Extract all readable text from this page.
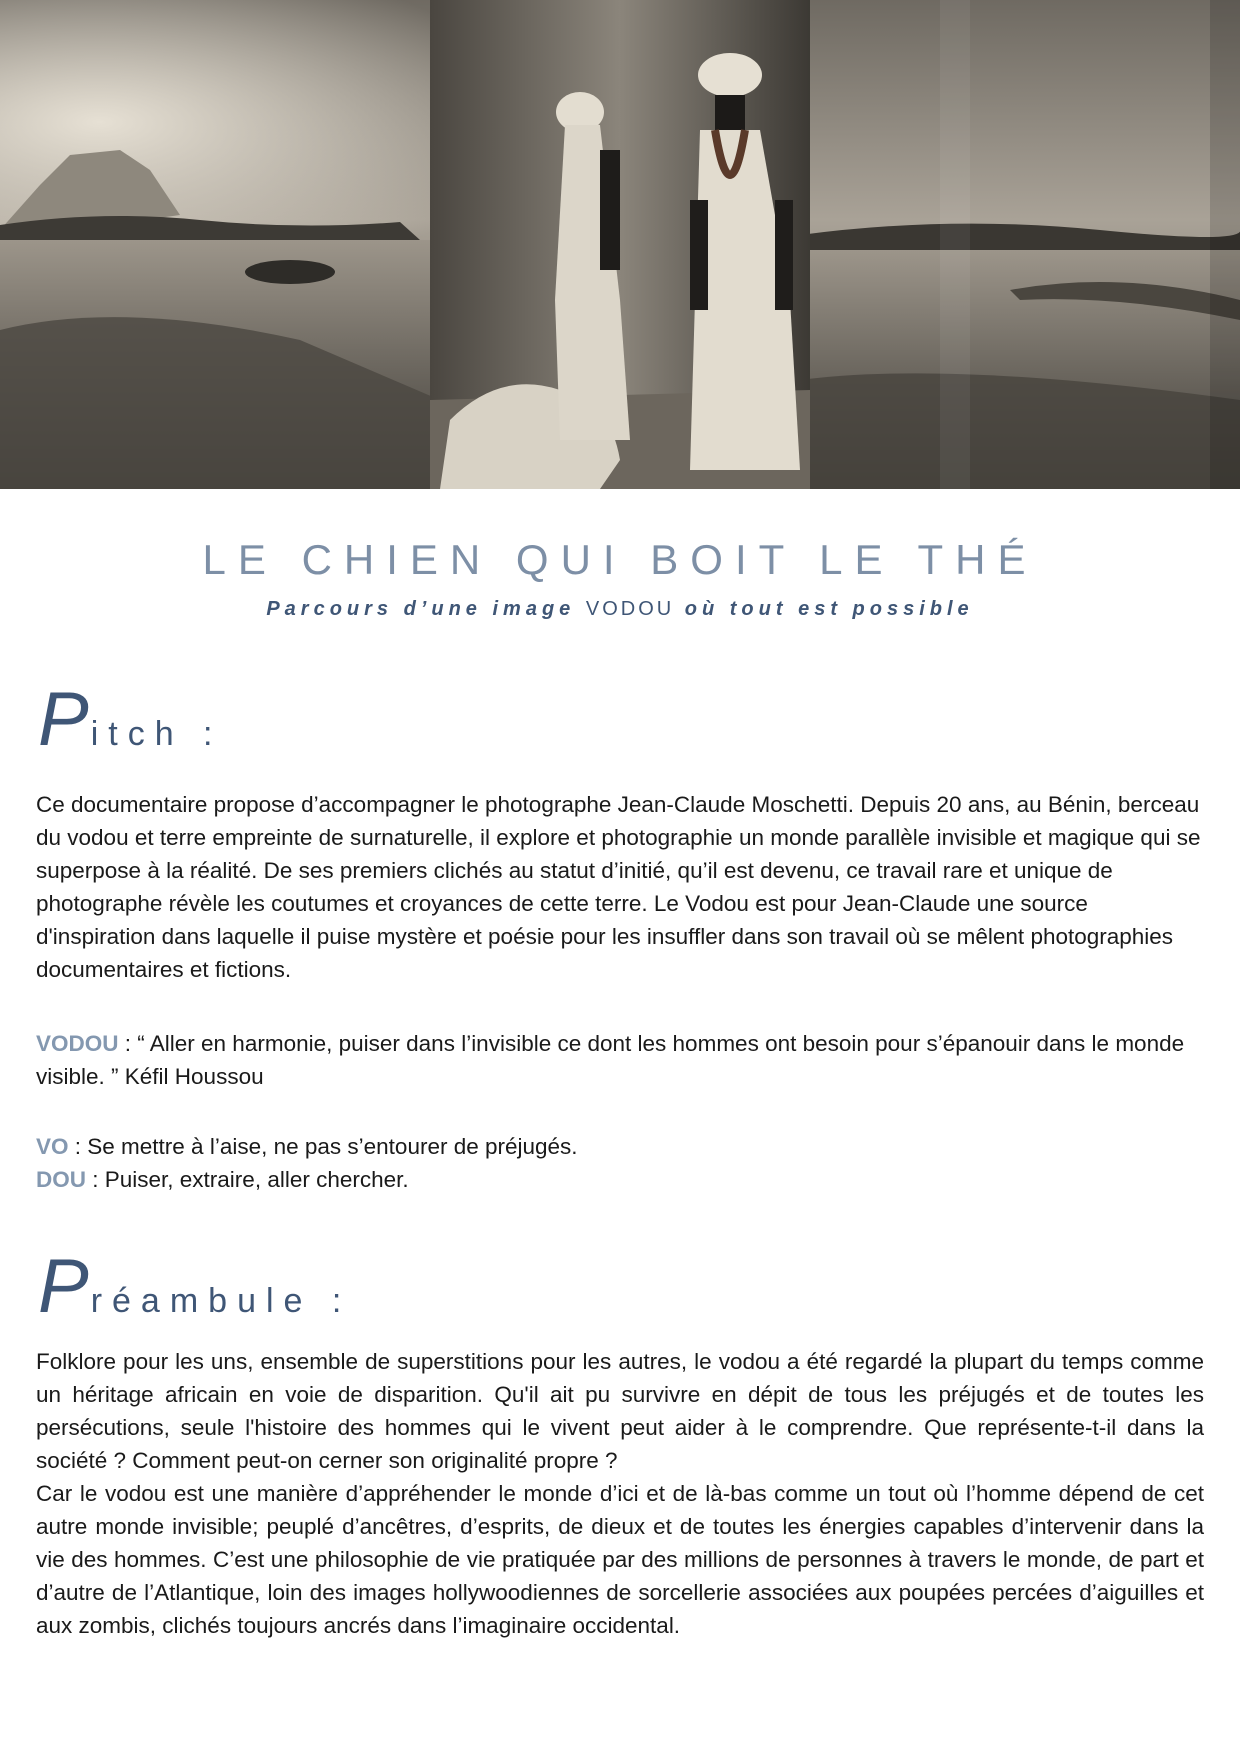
LE CHIEN QUI BOIT LE THÉ
Parcours d’une image VODOU où tout est possible
Pitch :

Ce documentaire propose d’accompagner le photographe Jean-Claude Moschetti. Depuis 20 ans, au Bénin, berceau du vodou et terre empreinte de surnaturelle, il explore et photographie un monde parallèle invisible et magique qui se superpose à la réalité. De ses premiers clichés au statut d’initié, qu’il est devenu, ce travail rare et unique de photographe révèle les coutumes et croyances de cette terre. Le Vodou est pour Jean-Claude une source d'inspiration dans laquelle il puise mystère et poésie pour les insuffler dans son travail où se mêlent photographies documentaires et fictions.

VODOU : “ Aller en harmonie, puiser dans l’invisible ce dont les hommes ont besoin pour s’épanouir dans le monde visible. ” Kéfil Houssou

VO : Se mettre à l’aise, ne pas s’entourer de préjugés.

DOU : Puiser, extraire, aller chercher.

Préambule :

Folklore pour les uns, ensemble de superstitions pour les autres, le vodou a été regardé la plupart du temps comme un héritage africain en voie de disparition. Qu'il ait pu survivre en dépit de tous les préjugés et de toutes les persécutions, seule l'histoire des hommes qui le vivent peut aider à le comprendre. Que représente-t-il dans la société ? Comment peut-on cerner son originalité propre ?

Car le vodou est une manière d’appréhender le monde d’ici et de là-bas comme un tout où l’homme dépend de cet autre monde invisible; peuplé d’ancêtres, d’esprits, de dieux et de toutes les énergies capables d’intervenir dans la vie des hommes. C’est une philosophie de vie pratiquée par des millions de personnes à travers le monde, de part et d’autre de l’Atlantique, loin des images hollywoodiennes de sorcellerie associées aux poupées percées d’aiguilles et aux zombis, clichés toujours ancrés dans l’imaginaire occidental.
